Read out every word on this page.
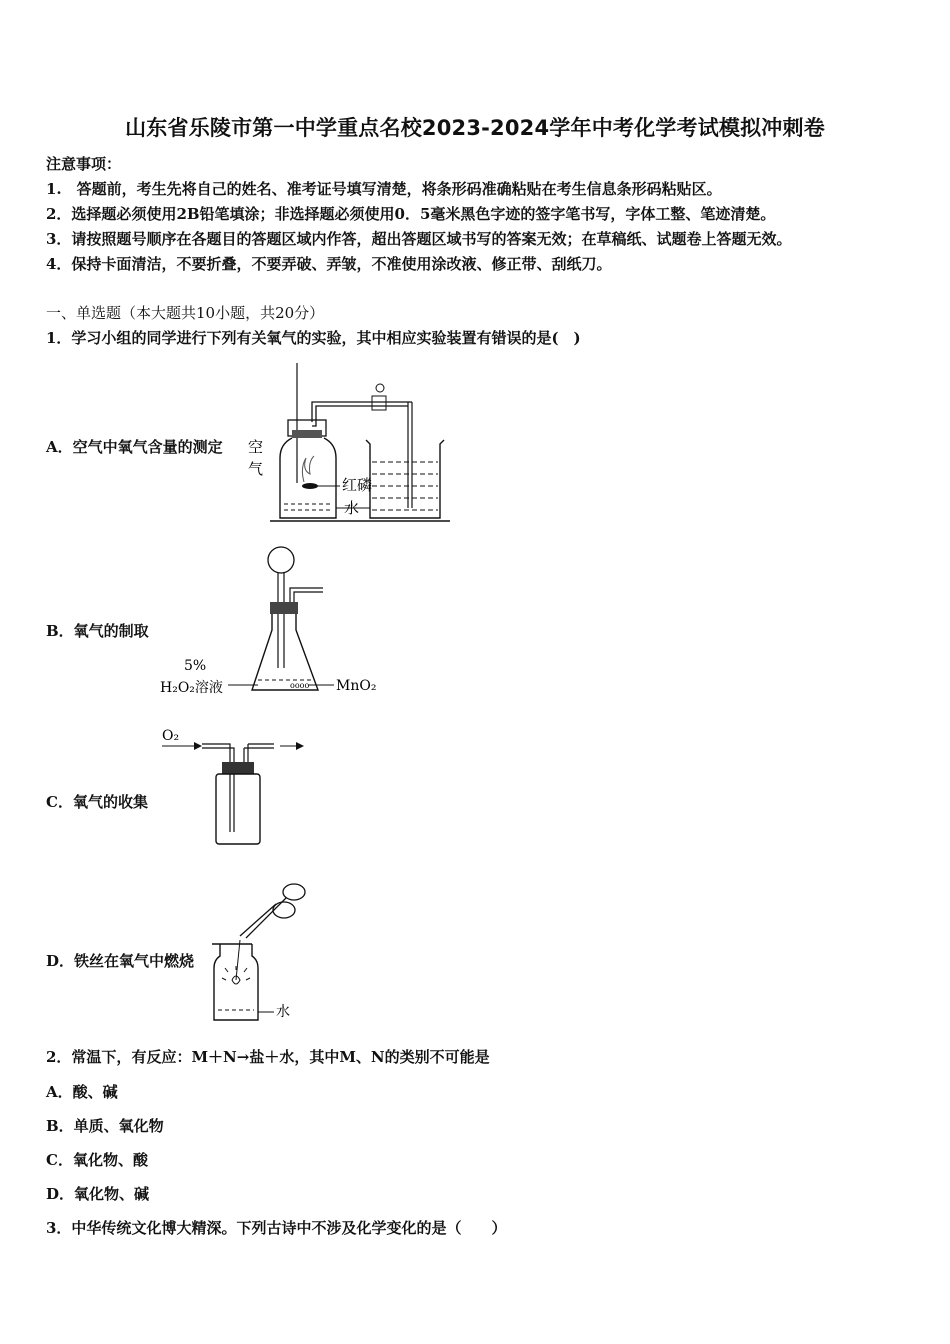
山东省乐陵市第一中学重点名校2023-2024学年中考化学考试模拟冲刺卷
注意事项：
1.　答题前，考生先将自己的姓名、准考证号填写清楚，将条形码准确粘贴在考生信息条形码粘贴区。
2．选择题必须使用2B铅笔填涂；非选择题必须使用0．5毫米黑色字迹的签字笔书写，字体工整、笔迹清楚。
3．请按照题号顺序在各题目的答题区域内作答，超出答题区域书写的答案无效；在草稿纸、试题卷上答题无效。
4．保持卡面清洁，不要折叠，不要弄破、弄皱，不准使用涂改液、修正带、刮纸刀。
一、单选题（本大题共10小题，共20分）
1．学习小组的同学进行下列有关氧气的实验，其中相应实验装置有错误的是(　)
A．空气中氧气含量的测定 空
气
红磷
水
B．氧气的制取
oooo
5%
H₂O₂溶液	MnO₂
C．氧气的收集
O₂
D．铁丝在氧气中燃烧
水
2．常温下，有反应：M＋N→盐＋水，其中M、N的类别不可能是
A．酸、碱
B．单质、氧化物
C．氧化物、酸
D．氧化物、碱
3．中华传统文化博大精深。下列古诗中不涉及化学变化的是（　　）
